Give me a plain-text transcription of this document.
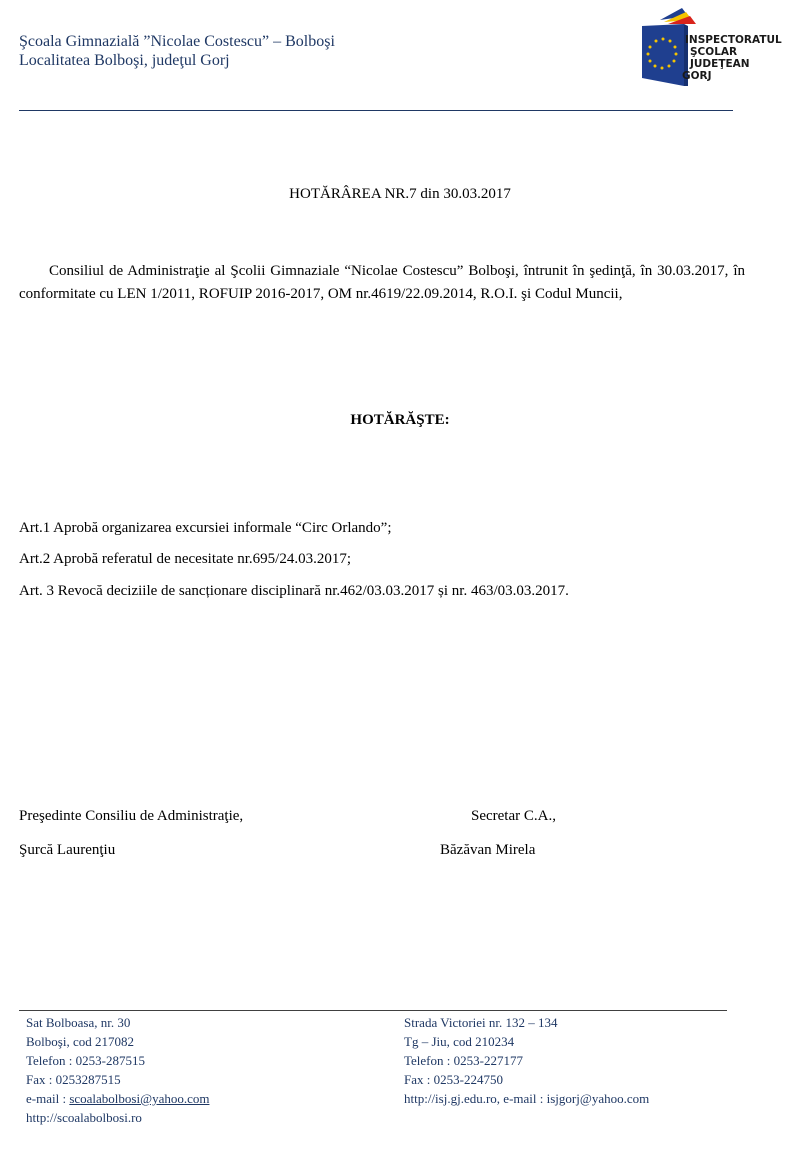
Şcoala Gimnazială ”Nicolae Costescu” – Bolboşi
Localitatea Bolboşi, judeţul Gorj
INSPECTORATUL
ŞCOLAR
JUDEŢEAN
GORJ
HOTĂRÂREA NR.7 din 30.03.2017
Consiliul de Administraţie al Şcolii Gimnaziale “Nicolae Costescu” Bolboşi, întrunit în şedinţă, în 30.03.2017, în conformitate cu LEN 1/2011, ROFUIP 2016-2017, OM nr.4619/22.09.2014, R.O.I. şi Codul Muncii,
HOTĂRĂŞTE:
Art.1 Aprobă organizarea excursiei informale “Circ Orlando”;
Art.2 Aprobă referatul de necesitate nr.695/24.03.2017;
Art. 3 Revocă deciziile de sancționare disciplinară nr.462/03.03.2017 și nr. 463/03.03.2017.
Preşedinte Consiliu de Administraţie,
Şurcă Laurenţiu
Secretar C.A.,
Băzăvan Mirela
Sat Bolboasa, nr. 30
Bolboşi, cod 217082
Telefon : 0253-287515
Fax : 0253287515
e-mail : scoalabolbosi@yahoo.com
http://scoalabolbosi.ro
Strada Victoriei nr. 132 – 134
Tg – Jiu, cod 210234
Telefon : 0253-227177
Fax : 0253-224750
http://isj.gj.edu.ro, e-mail : isjgorj@yahoo.com
